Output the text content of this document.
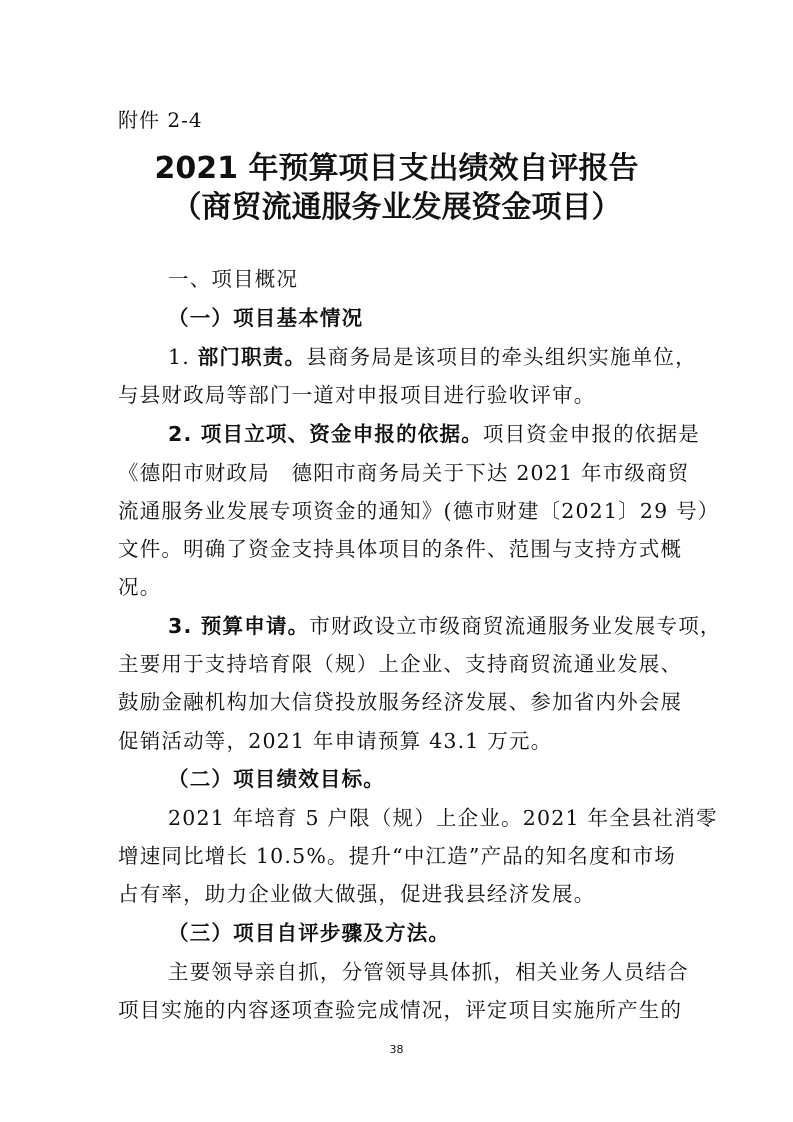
附件 2-4
2021 年预算项目支出绩效自评报告
（商贸流通服务业发展资金项目）
一、项目概况
（一）项目基本情况
1. 部门职责。县商务局是该项目的牵头组织实施单位，
与县财政局等部门一道对申报项目进行验收评审。
2. 项目立项、资金申报的依据。项目资金申报的依据是
《德阳市财政局　德阳市商务局关于下达 2021 年市级商贸
流通服务业发展专项资金的通知》(德市财建〔2021〕29 号）
文件。明确了资金支持具体项目的条件、范围与支持方式概
况。
3. 预算申请。市财政设立市级商贸流通服务业发展专项，
主要用于支持培育限（规）上企业、支持商贸流通业发展、
鼓励金融机构加大信贷投放服务经济发展、参加省内外会展
促销活动等，2021 年申请预算 43.1 万元。
（二）项目绩效目标。
2021 年培育 5 户限（规）上企业。2021 年全县社消零
增速同比增长 10.5%。提升“中江造”产品的知名度和市场
占有率，助力企业做大做强，促进我县经济发展。
（三）项目自评步骤及方法。
主要领导亲自抓，分管领导具体抓，相关业务人员结合
项目实施的内容逐项查验完成情况，评定项目实施所产生的
38
